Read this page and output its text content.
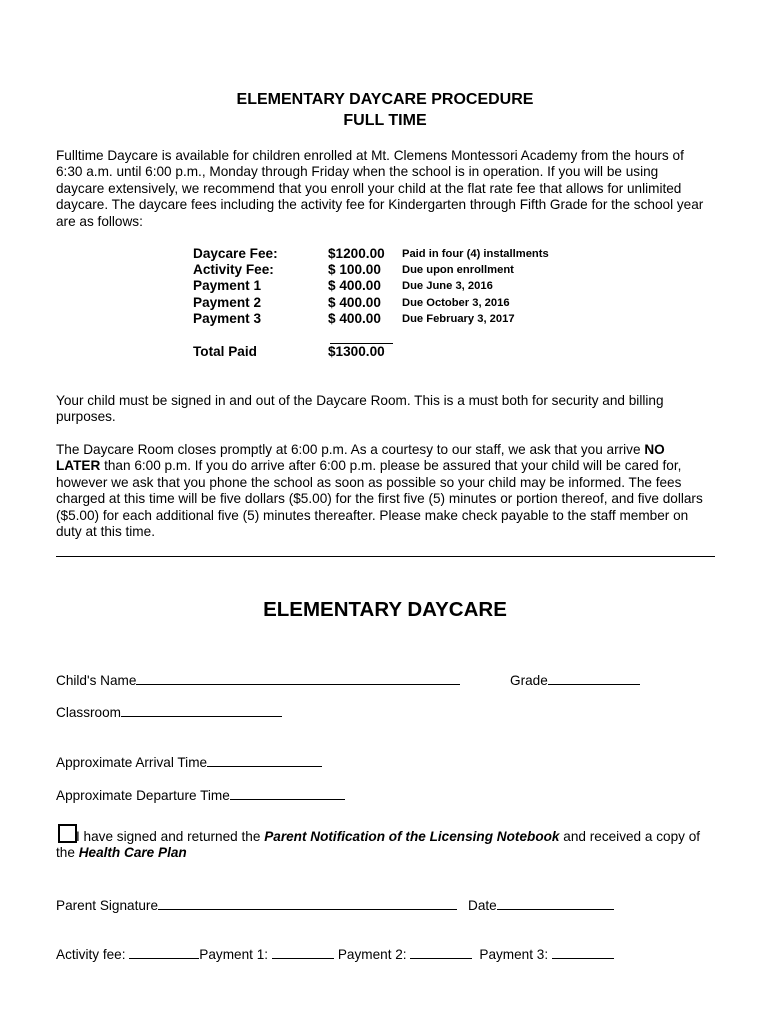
ELEMENTARY DAYCARE PROCEDURE
FULL TIME
Fulltime Daycare is available for children enrolled at Mt. Clemens Montessori Academy from the hours of 6:30 a.m. until 6:00 p.m., Monday through Friday when the school is in operation. If you will be using daycare extensively, we recommend that you enroll your child at the flat rate fee that allows for unlimited daycare. The daycare fees including the activity fee for Kindergarten through Fifth Grade for the school year are as follows:
Daycare Fee:	$1200.00	Paid in four (4) installments
Activity Fee:	$ 100.00	Due upon enrollment
Payment 1	$ 400.00	Due June 3, 2016
Payment 2	$ 400.00	Due October 3, 2016
Payment 3	$ 400.00	Due February 3, 2017
Total Paid	$1300.00
Your child must be signed in and out of the Daycare Room. This is a must both for security and billing purposes.
The Daycare Room closes promptly at 6:00 p.m. As a courtesy to our staff, we ask that you arrive NO LATER than 6:00 p.m. If you do arrive after 6:00 p.m. please be assured that your child will be cared for, however we ask that you phone the school as soon as possible so your child may be informed. The fees charged at this time will be five dollars ($5.00) for the first five (5) minutes or portion thereof, and five dollars ($5.00) for each additional five (5) minutes thereafter. Please make check payable to the staff member on duty at this time.
ELEMENTARY DAYCARE
Child's Name	Grade
Classroom
Approximate Arrival Time
Approximate Departure Time
I have signed and returned the Parent Notification of the Licensing Notebook and received a copy of the Health Care Plan
Parent Signature	Date
Activity fee:	Payment 1:	Payment 2:	Payment 3:
